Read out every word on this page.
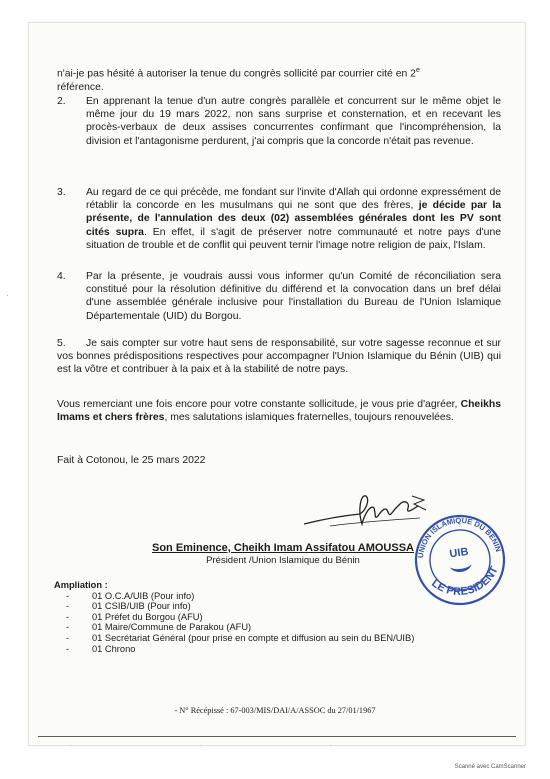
n'ai-je pas hésité à autoriser la tenue du congrès sollicité par courrier cité en 2e
référence.
2. En apprenant la tenue d'un autre congrès parallèle et concurrent sur le même objet le même jour du 19 mars 2022, non sans surprise et consternation, et en recevant les procès-verbaux de deux assises concurrentes confirmant que l'incompréhension, la division et l'antagonisme perdurent, j'ai compris que la concorde n'était pas revenue.
3. Au regard de ce qui précède, me fondant sur l'invite d'Allah qui ordonne expressément de rétablir la concorde en les musulmans qui ne sont que des frères, je décide par la présente, de l'annulation des deux (02) assemblées générales dont les PV sont cités supra. En effet, il s'agit de préserver notre communauté et notre pays d'une situation de trouble et de conflit qui peuvent ternir l'image notre religion de paix, l'Islam.
4. Par la présente, je voudrais aussi vous informer qu'un Comité de réconciliation sera constitué pour la résolution définitive du différend et la convocation dans un bref délai d'une assemblée générale inclusive pour l'installation du Bureau de l'Union Islamique Départementale (UID) du Borgou.
5.	Je sais compter sur votre haut sens de responsabilité, sur votre sagesse reconnue et sur vos bonnes prédispositions respectives pour accompagner l'Union Islamique du Bénin (UIB) qui est la vôtre et contribuer à la paix et à la stabilité de notre pays.
Vous remerciant une fois encore pour votre constante sollicitude, je vous prie d'agréer, Cheikhs Imams et chers frères, mes salutations islamiques fraternelles, toujours renouvelées.
Fait à Cotonou, le 25 mars 2022
UNION ISLAMIQUE DU BENIN
UIB
LE PRESIDENT
Son Eminence, Cheikh Imam Assifatou AMOUSSA
Président /Union Islamique du Bénin
Ampliation :
- 01 O.C.A/UIB (Pour info)
- 01 CSIB/UIB (Pour info)
- 01 Préfet du Borgou (AFU)
- 01 Maire/Commune de Parakou (AFU)
- 01 Secrétariat Général (pour prise en compte et diffusion au sein du BEN/UIB)
- 01 Chrono
- N° Récépissé : 67-003/MIS/DAI/A/ASSOC du 27/01/1967
`
.	.	.
Scanné avec CamScanner
